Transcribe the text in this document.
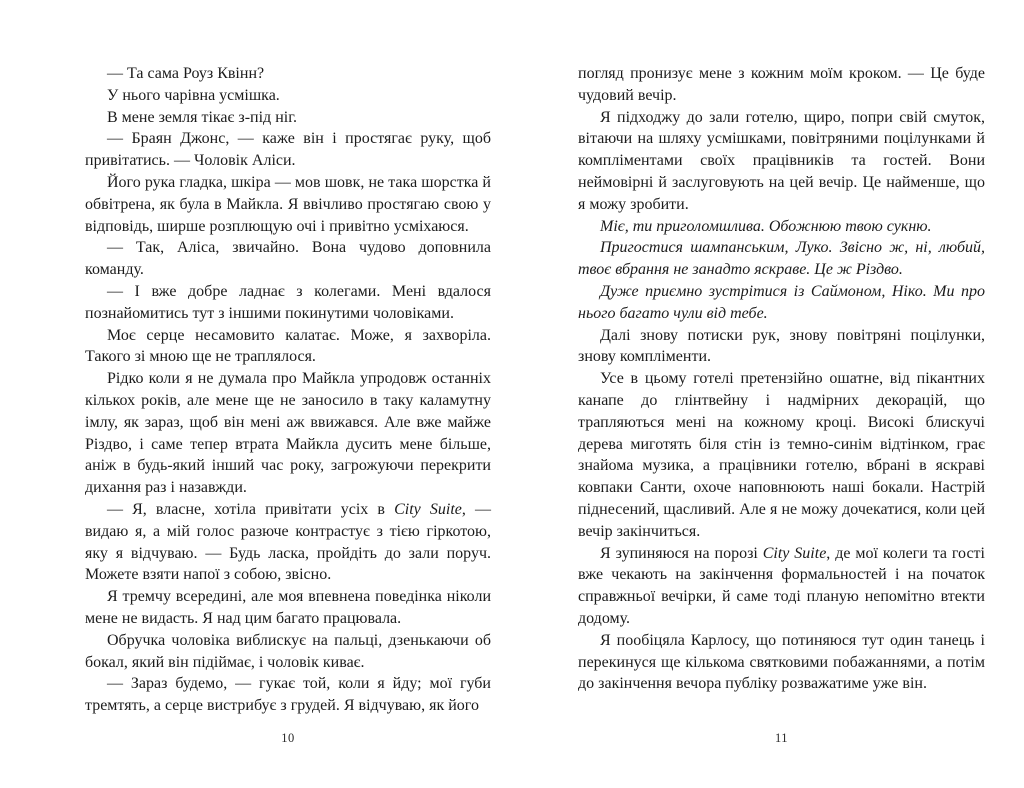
— Та сама Роуз Квінн?

У нього чарівна усмішка.

В мене земля тікає з-під ніг.

— Браян Джонс, — каже він і простягає руку, щоб привітатись. — Чоловік Аліси.

Його рука гладка, шкіра — мов шовк, не така шорстка й обвітрена, як була в Майкла. Я ввічливо простягаю свою у відповідь, ширше розплющую очі і привітно усміхаюся.

— Так, Аліса, звичайно. Вона чудово доповнила команду.

— І вже добре ладнає з колегами. Мені вдалося познайомитись тут з іншими покинутими чоловіками.

Моє серце несамовито калатає. Може, я захворіла. Такого зі мною ще не траплялося.

Рідко коли я не думала про Майкла упродовж останніх кількох років, але мене ще не заносило в таку каламутну імлу, як зараз, щоб він мені аж ввижався. Але вже майже Різдво, і саме тепер втрата Майкла дусить мене більше, аніж в будь-який інший час року, загрожуючи перекрити дихання раз і назавжди.

— Я, власне, хотіла привітати усіх в City Suite, — видаю я, а мій голос разюче контрастує з тією гіркотою, яку я відчуваю. — Будь ласка, пройдіть до зали поруч. Можете взяти напої з собою, звісно.

Я тремчу всередині, але моя впевнена поведінка ніколи мене не видасть. Я над цим багато працювала.

Обручка чоловіка виблискує на пальці, дзенькаючи об бокал, який він підіймає, і чоловік киває.

— Зараз будемо, — гукає той, коли я йду; мої губи тремтять, а серце вистрибує з грудей. Я відчуваю, як його

10

погляд пронизує мене з кожним моїм кроком. — Це буде чудовий вечір.

Я підходжу до зали готелю, щиро, попри свій смуток, вітаючи на шляху усмішками, повітряними поцілунками й компліментами своїх працівників та гостей. Вони неймовірні й заслуговують на цей вечір. Це найменше, що я можу зробити.

Міє, ти приголомшлива. Обожнюю твою сукню.

Пригостися шампанським, Луко. Звісно ж, ні, любий, твоє вбрання не занадто яскраве. Це ж Різдво.

Дуже приємно зустрітися із Саймоном, Ніко. Ми про нього багато чули від тебе.

Далі знову потиски рук, знову повітряні поцілунки, знову компліменти.

Усе в цьому готелі претензійно ошатне, від пікантних канапе до глінтвейну і надмірних декорацій, що трапляються мені на кожному кроці. Високі блискучі дерева миготять біля стін із темно-синім відтінком, грає знайома музика, а працівники готелю, вбрані в яскраві ковпаки Санти, охоче наповнюють наші бокали. Настрій піднесений, щасливий. Але я не можу дочекатися, коли цей вечір закінчиться.

Я зупиняюся на порозі City Suite, де мої колеги та гості вже чекають на закінчення формальностей і на початок справжньої вечірки, й саме тоді планую непомітно втекти додому.

Я пообіцяла Карлосу, що потиняюся тут один танець і перекинуся ще кількома святковими побажаннями, а потім до закінчення вечора публіку розважатиме уже він.

11
